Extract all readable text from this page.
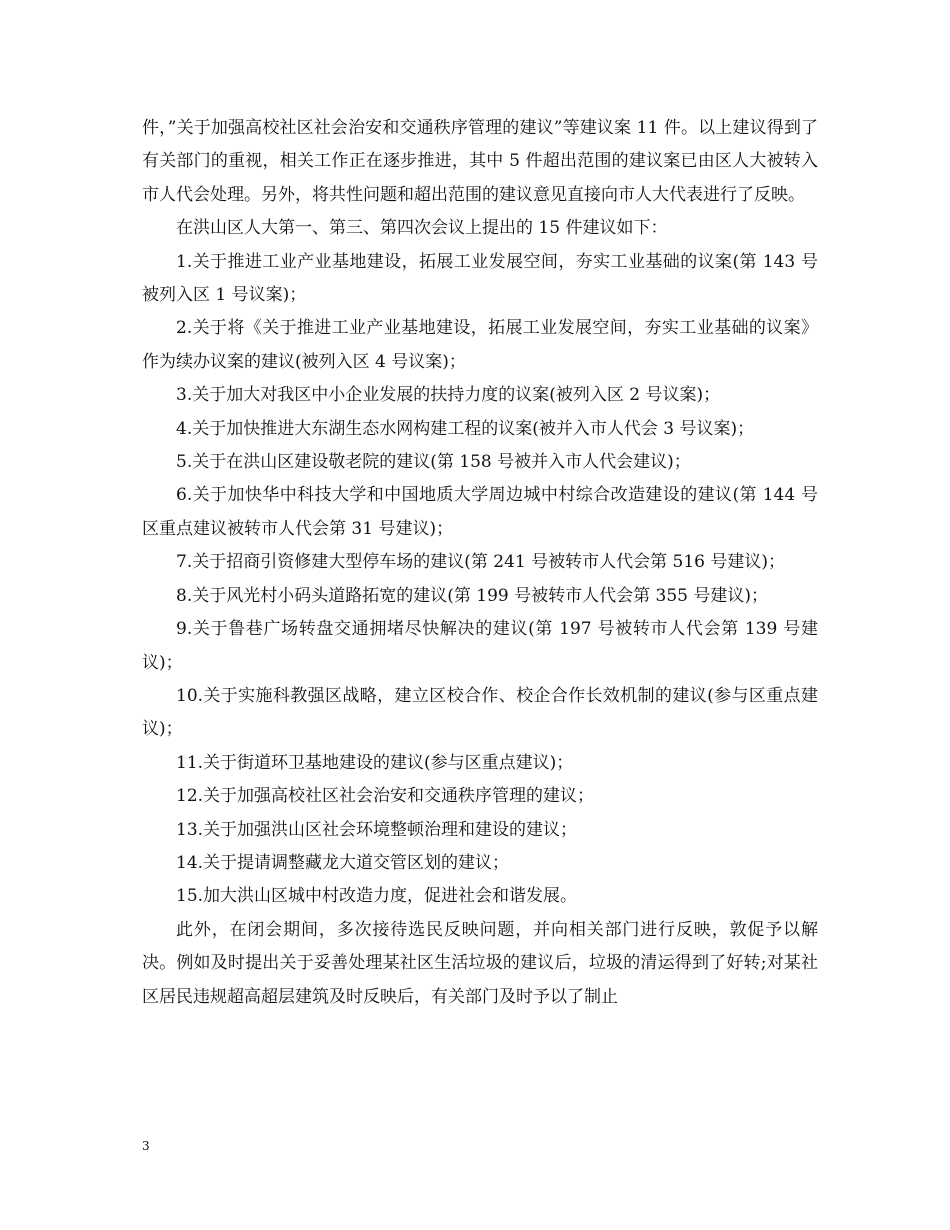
件，”关于加强高校社区社会治安和交通秩序管理的建议”等建议案 11 件。以上建议得到了有关部门的重视，相关工作正在逐步推进，其中 5 件超出范围的建议案已由区人大被转入市人代会处理。另外，将共性问题和超出范围的建议意见直接向市人大代表进行了反映。

在洪山区人大第一、第三、第四次会议上提出的 15 件建议如下：

1.关于推进工业产业基地建设，拓展工业发展空间，夯实工业基础的议案(第 143 号被列入区 1 号议案)；

2.关于将《关于推进工业产业基地建设，拓展工业发展空间，夯实工业基础的议案》作为续办议案的建议(被列入区 4 号议案)；

3.关于加大对我区中小企业发展的扶持力度的议案(被列入区 2 号议案)；

4.关于加快推进大东湖生态水网构建工程的议案(被并入市人代会 3 号议案)；

5.关于在洪山区建设敬老院的建议(第 158 号被并入市人代会建议)；

6.关于加快华中科技大学和中国地质大学周边城中村综合改造建设的建议(第 144 号区重点建议被转市人代会第 31 号建议)；

7.关于招商引资修建大型停车场的建议(第 241 号被转市人代会第 516 号建议)；

8.关于风光村小码头道路拓宽的建议(第 199 号被转市人代会第 355 号建议)；

9.关于鲁巷广场转盘交通拥堵尽快解决的建议(第 197 号被转市人代会第 139 号建议)；

10.关于实施科教强区战略，建立区校合作、校企合作长效机制的建议(参与区重点建议)；

11.关于街道环卫基地建设的建议(参与区重点建议)；

12.关于加强高校社区社会治安和交通秩序管理的建议；

13.关于加强洪山区社会环境整顿治理和建设的建议；

14.关于提请调整藏龙大道交管区划的建议；

15.加大洪山区城中村改造力度，促进社会和谐发展。

此外，在闭会期间，多次接待选民反映问题，并向相关部门进行反映，敦促予以解决。例如及时提出关于妥善处理某社区生活垃圾的建议后，垃圾的清运得到了好转;对某社区居民违规超高超层建筑及时反映后，有关部门及时予以了制止

3
